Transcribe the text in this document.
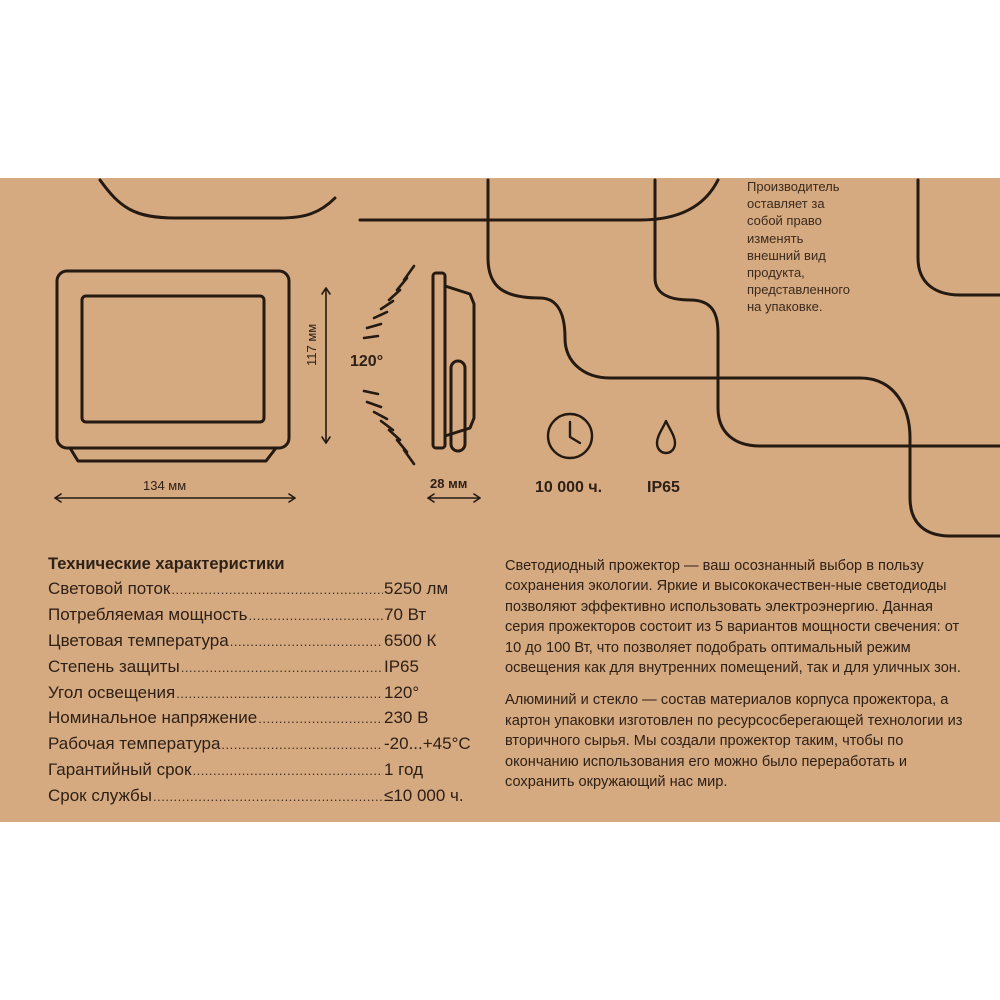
Производитель
оставляет за
собой право
изменять
внешний вид
продукта,
представленного
на упаковке.
134 мм
117 мм
28 мм
120°
10 000 ч.	IP65
Технические характеристики
Световой поток .....	5250 лм
Потребляемая мощность .....	70 Вт
Цветовая температура .....	6500 К
Степень защиты .....	IP65
Угол освещения .....	120°
Номинальное напряжение .....	230 В
Рабочая температура .....	-20...+45°С
Гарантийный срок .....	1 год
Срок службы .....	≤10 000 ч.

Светодиодный прожектор — ваш осознанный выбор в пользу сохранения экологии. Яркие и высококачествен-ные светодиоды позволяют эффективно использовать электроэнергию. Данная серия прожекторов состоит из 5 вариантов мощности свечения: от 10 до 100 Вт, что позволяет подобрать оптимальный режим освещения как для внутренних помещений, так и для уличных зон.

Алюминий и стекло — состав материалов корпуса прожектора, а картон упаковки изготовлен по ресурсосберегающей технологии из вторичного сырья. Мы создали прожектор таким, чтобы по окончанию использования его можно было переработать и сохранить окружающий нас мир.
